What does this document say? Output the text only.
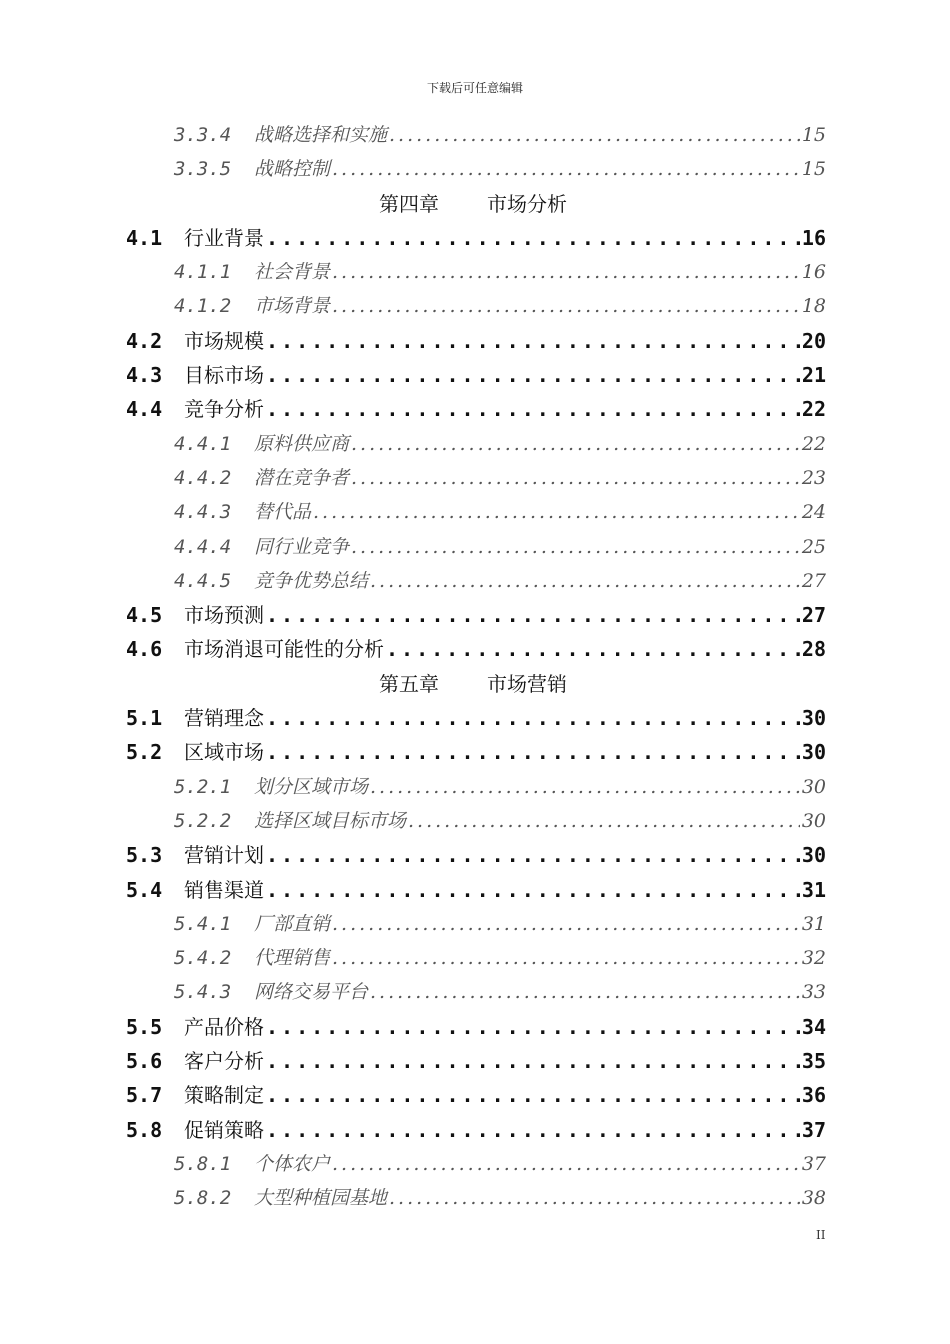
下载后可任意编辑
3.3.4	战略选择和实施 .....	15
3.3.5	战略控制 .....	15
第四章 市场分析
4.1	行业背景 .....	16
4.1.1	社会背景 .....	16
4.1.2	市场背景 .....	18
4.2	市场规模 .....	20
4.3	目标市场 .....	21
4.4	竞争分析 .....	22
4.4.1	原料供应商 .....	22
4.4.2	潜在竞争者 .....	23
4.4.3	替代品 .....	24
4.4.4	同行业竞争 .....	25
4.4.5	竞争优势总结 .....	27
4.5	市场预测 .....	27
4.6	市场消退可能性的分析 .....	28
第五章 市场营销
5.1	营销理念 .....	30
5.2	区域市场 .....	30
5.2.1	划分区域市场 .....	30
5.2.2	选择区域目标市场 .....	30
5.3	营销计划 .....	30
5.4	销售渠道 .....	31
5.4.1	厂部直销 .....	31
5.4.2	代理销售 .....	32
5.4.3	网络交易平台 .....	33
5.5	产品价格 .....	34
5.6	客户分析 .....	35
5.7	策略制定 .....	36
5.8	促销策略 .....	37
5.8.1	个体农户 .....	37
5.8.2	大型种植园基地 .....	38
II
